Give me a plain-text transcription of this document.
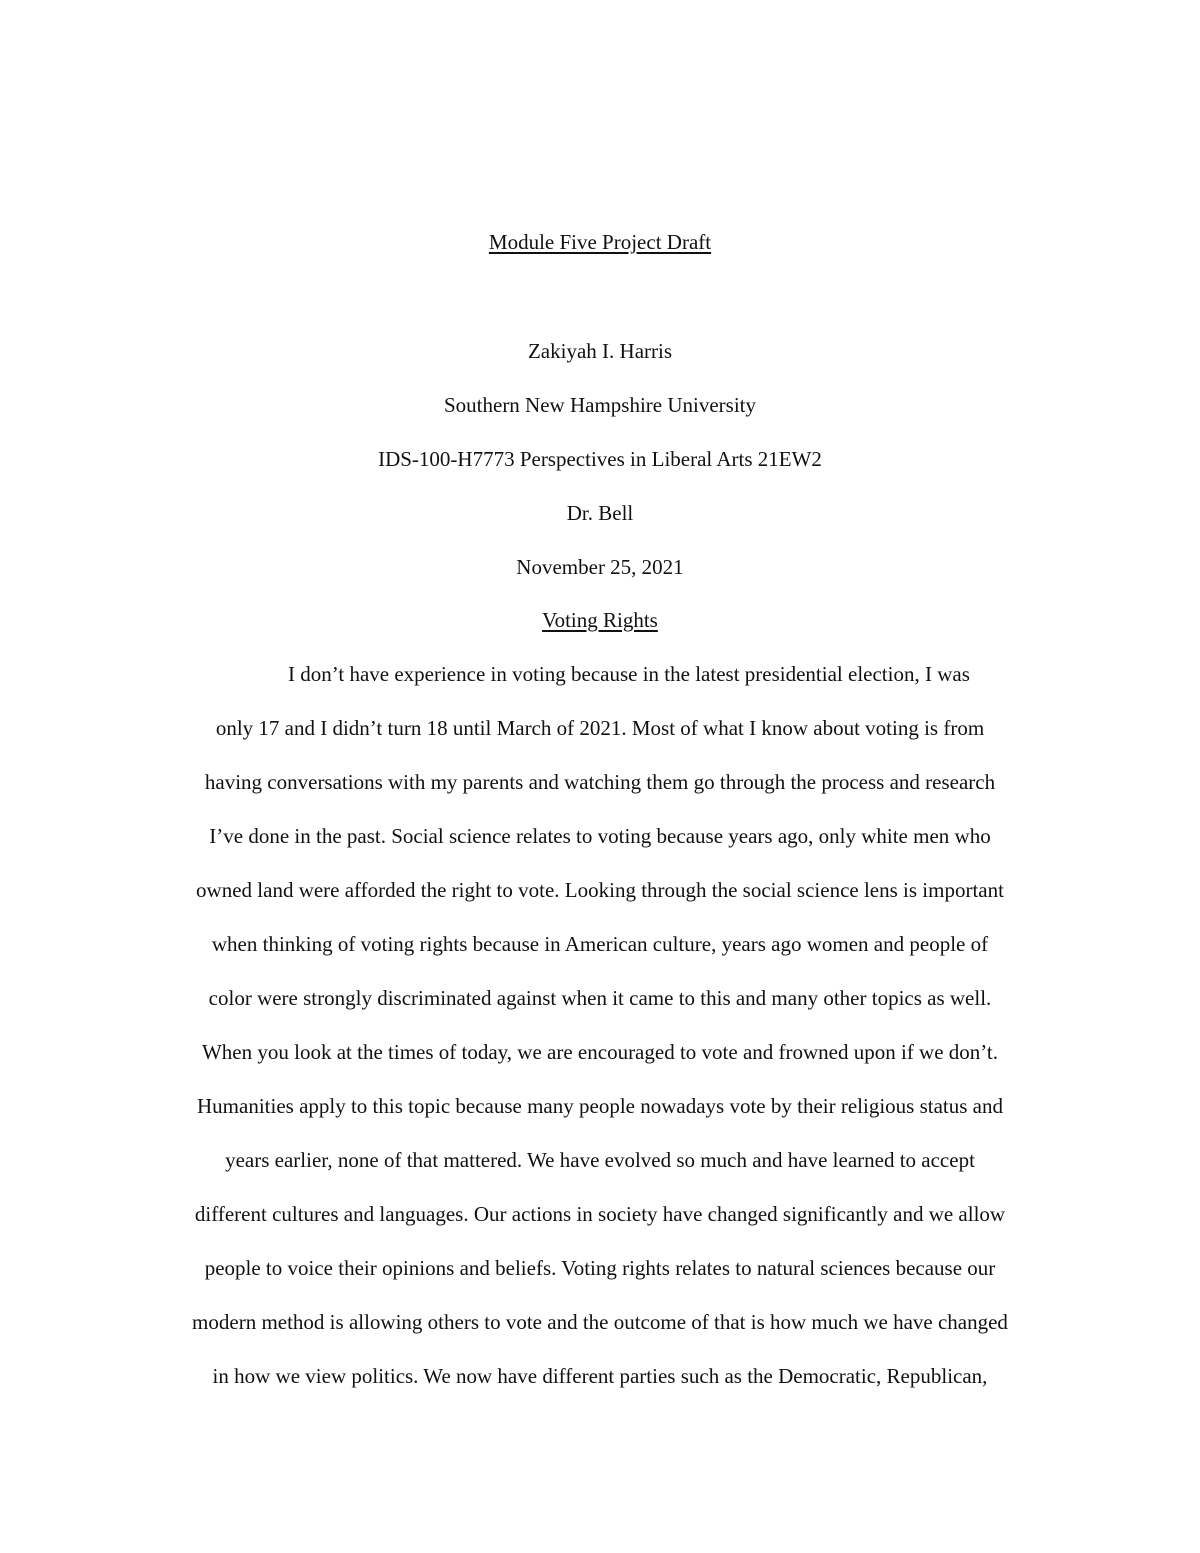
Module Five Project Draft
Zakiyah I. Harris
Southern New Hampshire University
IDS-100-H7773 Perspectives in Liberal Arts 21EW2
Dr. Bell
November 25, 2021
Voting Rights
I don’t have experience in voting because in the latest presidential election, I was
only 17 and I didn’t turn 18 until March of 2021. Most of what I know about voting is from
having conversations with my parents and watching them go through the process and research
I’ve done in the past. Social science relates to voting because years ago, only white men who
owned land were afforded the right to vote. Looking through the social science lens is important
when thinking of voting rights because in American culture, years ago women and people of
color were strongly discriminated against when it came to this and many other topics as well.
When you look at the times of today, we are encouraged to vote and frowned upon if we don’t.
Humanities apply to this topic because many people nowadays vote by their religious status and
years earlier, none of that mattered. We have evolved so much and have learned to accept
different cultures and languages. Our actions in society have changed significantly and we allow
people to voice their opinions and beliefs. Voting rights relates to natural sciences because our
modern method is allowing others to vote and the outcome of that is how much we have changed
in how we view politics. We now have different parties such as the Democratic, Republican,
